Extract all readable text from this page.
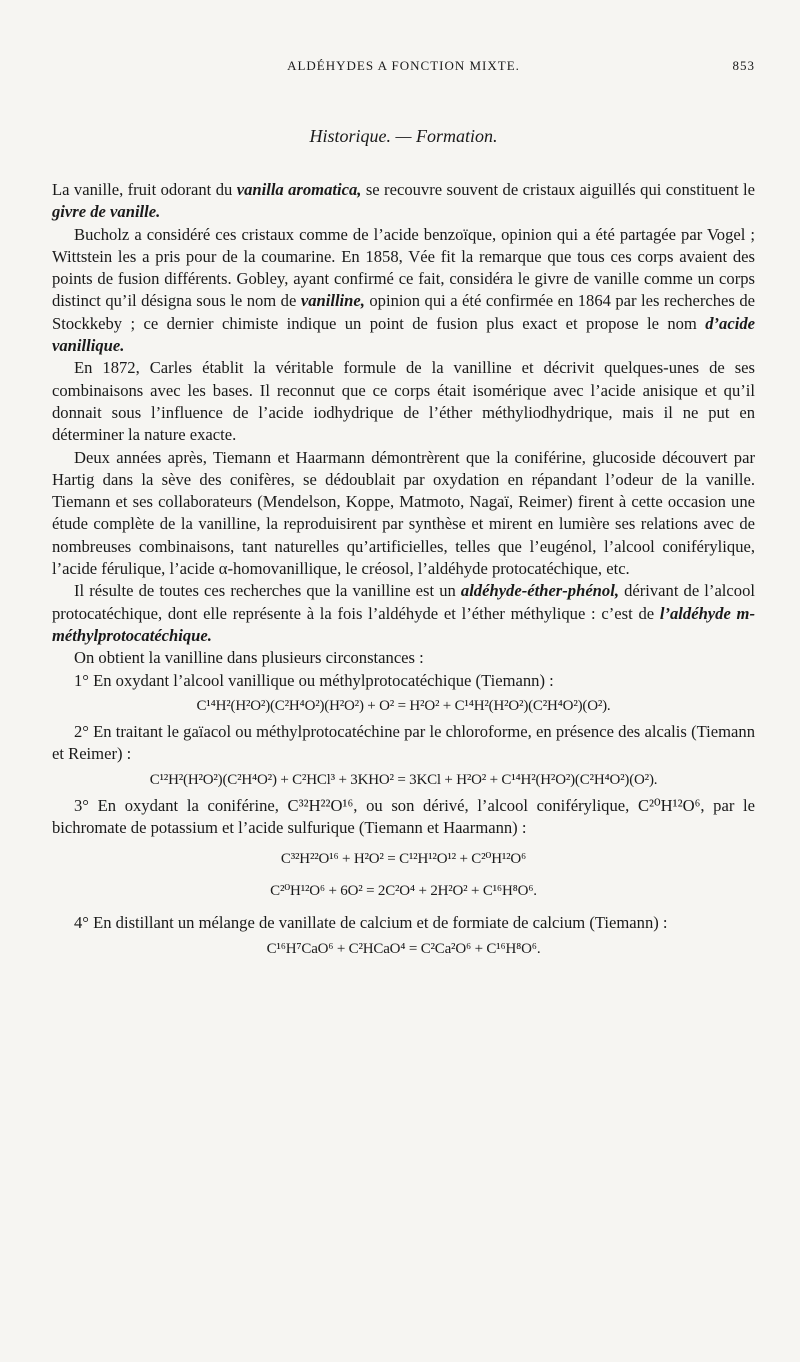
ALDÉHYDES A FONCTION MIXTE.	853
Historique. — Formation.

La vanille, fruit odorant du vanilla aromatica, se recouvre souvent de cristaux aiguillés qui constituent le givre de vanille.

Bucholz a considéré ces cristaux comme de l’acide benzoïque, opinion qui a été partagée par Vogel ; Wittstein les a pris pour de la coumarine. En 1858, Vée fit la remarque que tous ces corps avaient des points de fusion différents. Gobley, ayant confirmé ce fait, considéra le givre de vanille comme un corps distinct qu’il désigna sous le nom de vanilline, opinion qui a été confirmée en 1864 par les recherches de Stockkeby ; ce dernier chimiste indique un point de fusion plus exact et propose le nom d’acide vanillique.

En 1872, Carles établit la véritable formule de la vanilline et décrivit quelques-unes de ses combinaisons avec les bases. Il reconnut que ce corps était isomérique avec l’acide anisique et qu’il donnait sous l’influence de l’acide iodhydrique de l’éther méthyliodhydrique, mais il ne put en déterminer la nature exacte.

Deux années après, Tiemann et Haarmann démontrèrent que la coniférine, glucoside découvert par Hartig dans la sève des conifères, se dédoublait par oxydation en répandant l’odeur de la vanille. Tiemann et ses collaborateurs (Mendelson, Koppe, Matmoto, Nagaï, Reimer) firent à cette occasion une étude complète de la vanilline, la reproduisirent par synthèse et mirent en lumière ses relations avec de nombreuses combinaisons, tant naturelles qu’artificielles, telles que l’eugénol, l’alcool coniférylique, l’acide férulique, l’acide α-homovanillique, le créosol, l’aldéhyde protocatéchique, etc.

Il résulte de toutes ces recherches que la vanilline est un aldéhyde-éther-phénol, dérivant de l’alcool protocatéchique, dont elle représente à la fois l’aldéhyde et l’éther méthylique : c’est de l’aldéhyde m-méthylprotocatéchique.

On obtient la vanilline dans plusieurs circonstances :

1° En oxydant l’alcool vanillique ou méthylprotocatéchique (Tiemann) :

C¹⁴H²(H²O²)(C²H⁴O²)(H²O²) + O² = H²O² + C¹⁴H²(H²O²)(C²H⁴O²)(O²).

2° En traitant le gaïacol ou méthylprotocatéchine par le chloroforme, en présence des alcalis (Tiemann et Reimer) :

C¹²H²(H²O²)(C²H⁴O²) + C²HCl³ + 3KHO² = 3KCl + H²O² + C¹⁴H²(H²O²)(C²H⁴O²)(O²).

3° En oxydant la coniférine, C³²H²²O¹⁶, ou son dérivé, l’alcool coniférylique, C²⁰H¹²O⁶, par le bichromate de potassium et l’acide sulfurique (Tiemann et Haarmann) :

C³²H²²O¹⁶ + H²O² = C¹²H¹²O¹² + C²⁰H¹²O⁶
C²⁰H¹²O⁶ + 6O² = 2C²O⁴ + 2H²O² + C¹⁶H⁸O⁶.

4° En distillant un mélange de vanillate de calcium et de formiate de calcium (Tiemann) :

C¹⁶H⁷CaO⁶ + C²HCaO⁴ = C²Ca²O⁶ + C¹⁶H⁸O⁶.
